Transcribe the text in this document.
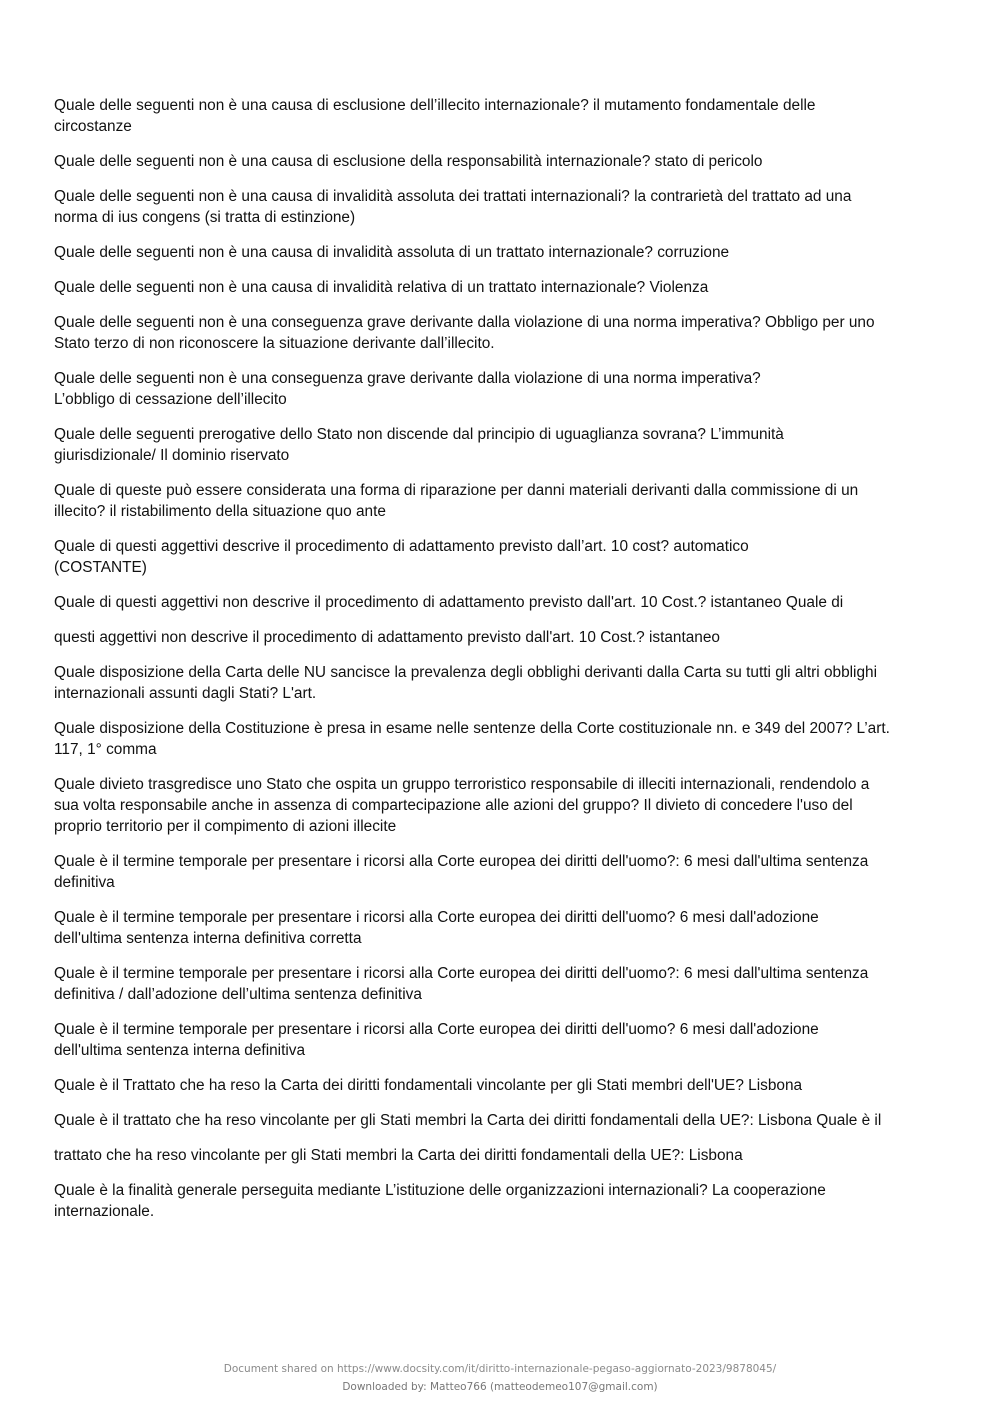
Quale delle seguenti non è una causa di esclusione dell’illecito internazionale? il mutamento fondamentale delle
circostanze

Quale delle seguenti non è una causa di esclusione della responsabilità internazionale? stato di pericolo

Quale delle seguenti non è una causa di invalidità assoluta dei trattati internazionali? la contrarietà del trattato ad una
norma di ius congens (si tratta di estinzione)

Quale delle seguenti non è una causa di invalidità assoluta di un trattato internazionale? corruzione

Quale delle seguenti non è una causa di invalidità relativa di un trattato internazionale? Violenza

Quale delle seguenti non è una conseguenza grave derivante dalla violazione di una norma imperativa? Obbligo per uno
Stato terzo di non riconoscere la situazione derivante dall’illecito.

Quale delle seguenti non è una conseguenza grave derivante dalla violazione di una norma imperativa?
L’obbligo di cessazione dell’illecito

Quale delle seguenti prerogative dello Stato non discende dal principio di uguaglianza sovrana? L’immunità
giurisdizionale/ Il dominio riservato

Quale di queste può essere considerata una forma di riparazione per danni materiali derivanti dalla commissione di un
illecito? il ristabilimento della situazione quo ante

Quale di questi aggettivi descrive il procedimento di adattamento previsto dall’art. 10 cost? automatico
(COSTANTE)

Quale di questi aggettivi non descrive il procedimento di adattamento previsto dall'art. 10 Cost.? istantaneo Quale di

questi aggettivi non descrive il procedimento di adattamento previsto dall'art. 10 Cost.? istantaneo

Quale disposizione della Carta delle NU sancisce la prevalenza degli obblighi derivanti dalla Carta su tutti gli altri obblighi
internazionali assunti dagli Stati? L'art.

Quale disposizione della Costituzione è presa in esame nelle sentenze della Corte costituzionale nn. e 349 del 2007? L’art.
117, 1° comma

Quale divieto trasgredisce uno Stato che ospita un gruppo terroristico responsabile di illeciti internazionali, rendendolo a
sua volta responsabile anche in assenza di compartecipazione alle azioni del gruppo? Il divieto di concedere l'uso del
proprio territorio per il compimento di azioni illecite

Quale è il termine temporale per presentare i ricorsi alla Corte europea dei diritti dell'uomo?: 6 mesi dall'ultima sentenza
definitiva

Quale è il termine temporale per presentare i ricorsi alla Corte europea dei diritti dell'uomo? 6 mesi dall'adozione
dell'ultima sentenza interna definitiva corretta

Quale è il termine temporale per presentare i ricorsi alla Corte europea dei diritti dell'uomo?: 6 mesi dall'ultima sentenza
definitiva / dall’adozione dell’ultima sentenza definitiva

Quale è il termine temporale per presentare i ricorsi alla Corte europea dei diritti dell'uomo? 6 mesi dall'adozione
dell'ultima sentenza interna definitiva

Quale è il Trattato che ha reso la Carta dei diritti fondamentali vincolante per gli Stati membri dell'UE? Lisbona

Quale è il trattato che ha reso vincolante per gli Stati membri la Carta dei diritti fondamentali della UE?: Lisbona Quale è il

trattato che ha reso vincolante per gli Stati membri la Carta dei diritti fondamentali della UE?: Lisbona

Quale è la finalità generale perseguita mediante L’istituzione delle organizzazioni internazionali? La cooperazione
internazionale.

Document shared on https://www.docsity.com/it/diritto-internazionale-pegaso-aggiornato-2023/9878045/
Downloaded by: Matteo766 (matteodemeo107@gmail.com)
